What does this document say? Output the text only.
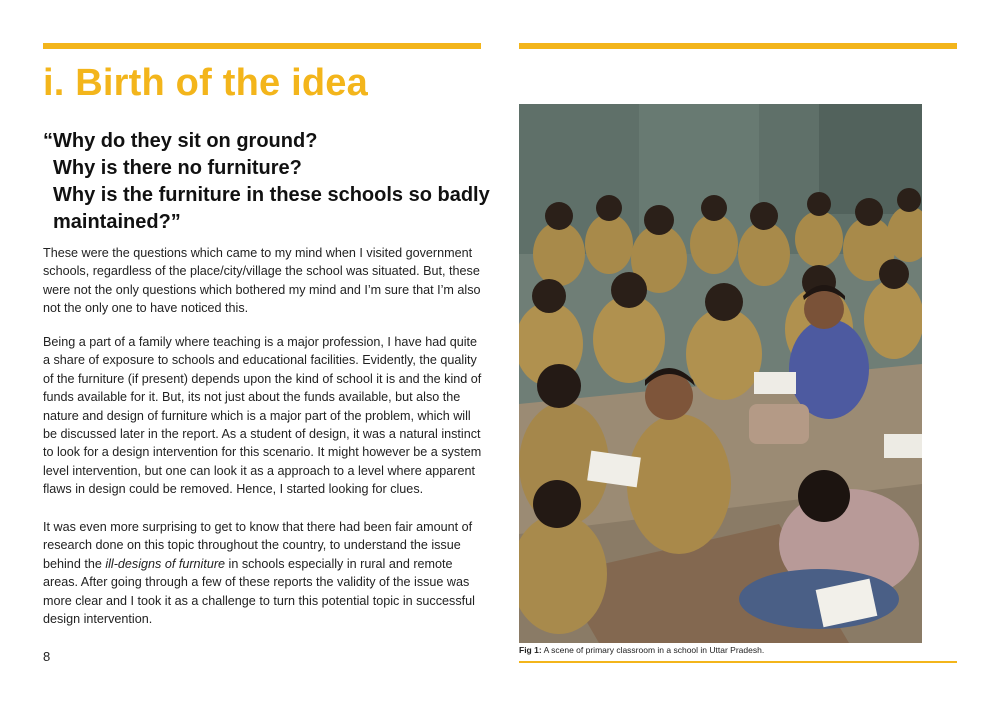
i. Birth of the idea
“Why do they sit on ground?
Why is there no furniture?
Why is the furniture in these schools so badly
maintained?”

These were the questions which came to my mind when I visited government schools, regardless of the place/city/village the school was situated. But, these were not the only questions which bothered my mind and I’m sure that I’m also not the only one to have noticed this.

Being a part of a family where teaching is a major profession, I have had quite a share of exposure to schools and educational facilities. Evidently, the quality of the furniture (if present) depends upon the kind of school it is and the kind of funds available for it. But, its not just about the funds available, but also the nature and design of furniture which is a major part of the problem, which will be discussed later in the report. As a student of design, it was a natural instinct to look for a design intervention for this scenario. It might however be a system level intervention, but one can look it as a approach to a level where apparent flaws in design could be removed. Hence, I started looking for clues.

It was even more surprising to get to know that there had been fair amount of research done on this topic throughout the country, to understand the issue behind the ill-designs of furniture in schools especially in rural and remote areas. After going through a few of these reports the validity of the issue was more clear and I took it as a challenge to turn this potential topic in successful design intervention.

8	Fig 1: A scene of primary classroom in a school in Uttar Pradesh.
